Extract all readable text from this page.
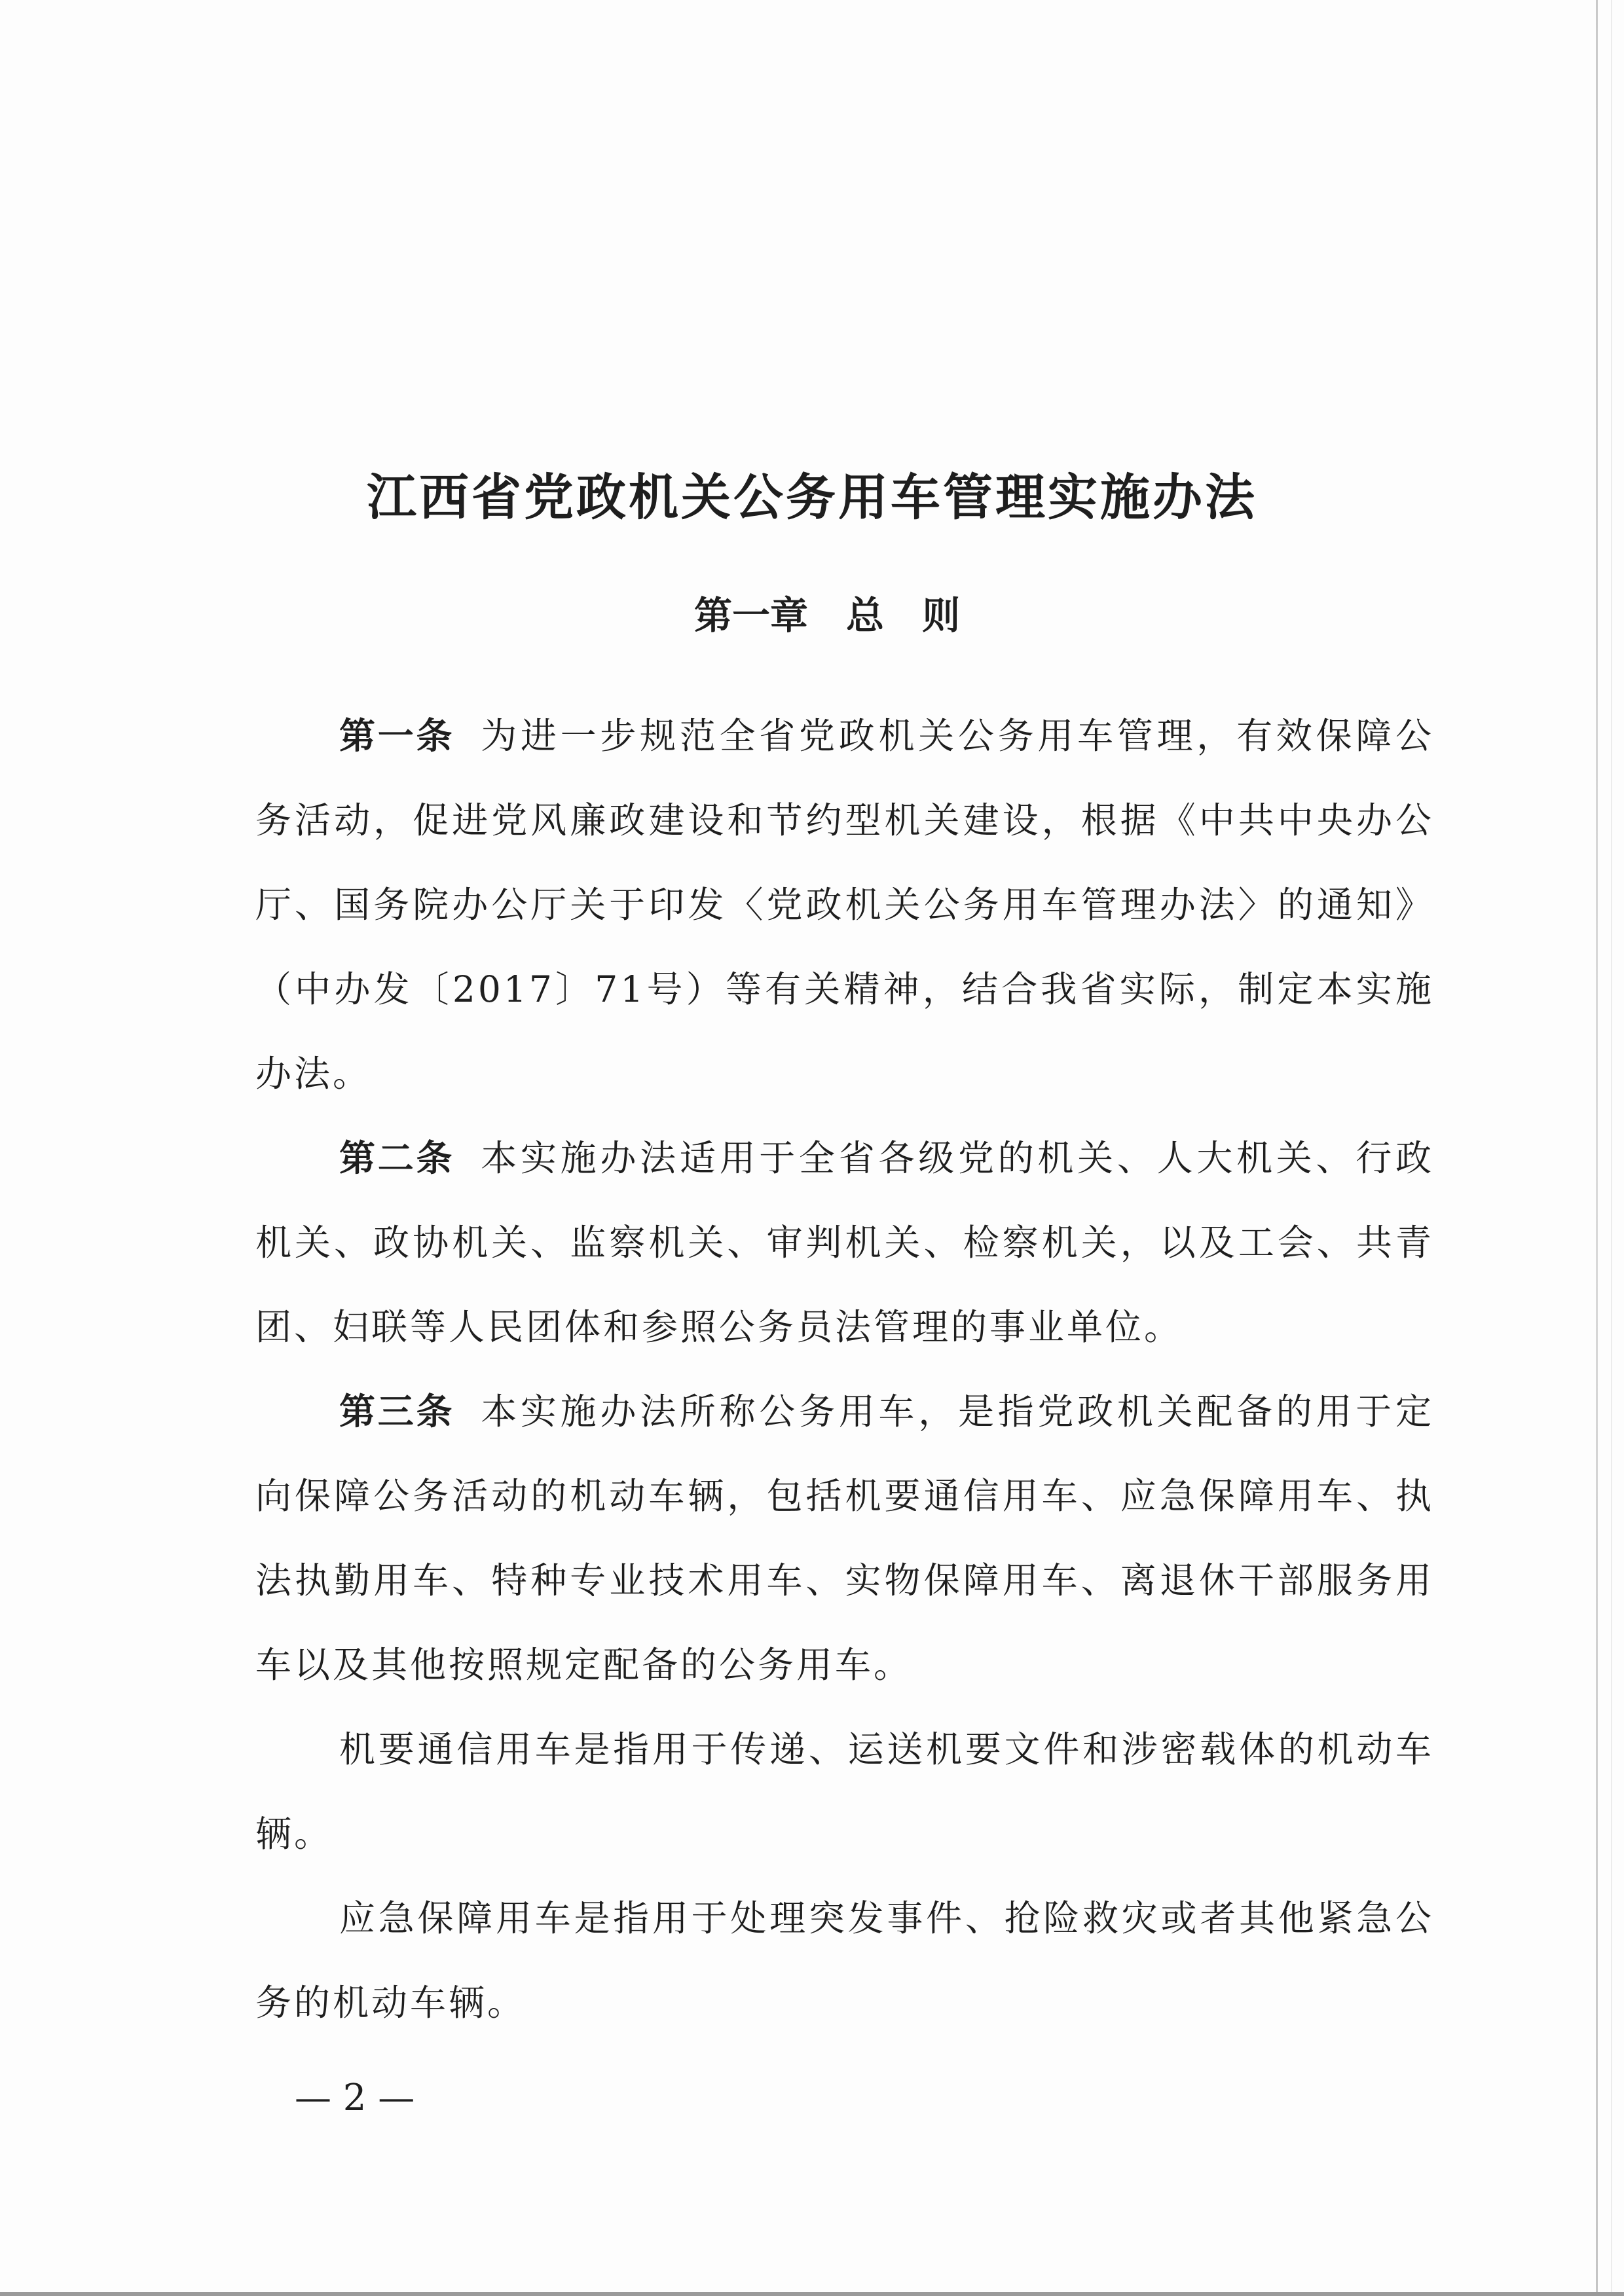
江西省党政机关公务用车管理实施办法
第一章　总　则

第一条 为进一步规范全省党政机关公务用车管理，有效保障公务活动，促进党风廉政建设和节约型机关建设，根据《中共中央办公厅、国务院办公厅关于印发〈党政机关公务用车管理办法〉的通知》（中办发〔2017〕71号）等有关精神，结合我省实际，制定本实施办法。

第二条 本实施办法适用于全省各级党的机关、人大机关、行政机关、政协机关、监察机关、审判机关、检察机关，以及工会、共青团、妇联等人民团体和参照公务员法管理的事业单位。

第三条 本实施办法所称公务用车，是指党政机关配备的用于定向保障公务活动的机动车辆，包括机要通信用车、应急保障用车、执法执勤用车、特种专业技术用车、实物保障用车、离退休干部服务用车以及其他按照规定配备的公务用车。

机要通信用车是指用于传递、运送机要文件和涉密载体的机动车辆。

应急保障用车是指用于处理突发事件、抢险救灾或者其他紧急公务的机动车辆。

— 2 —
